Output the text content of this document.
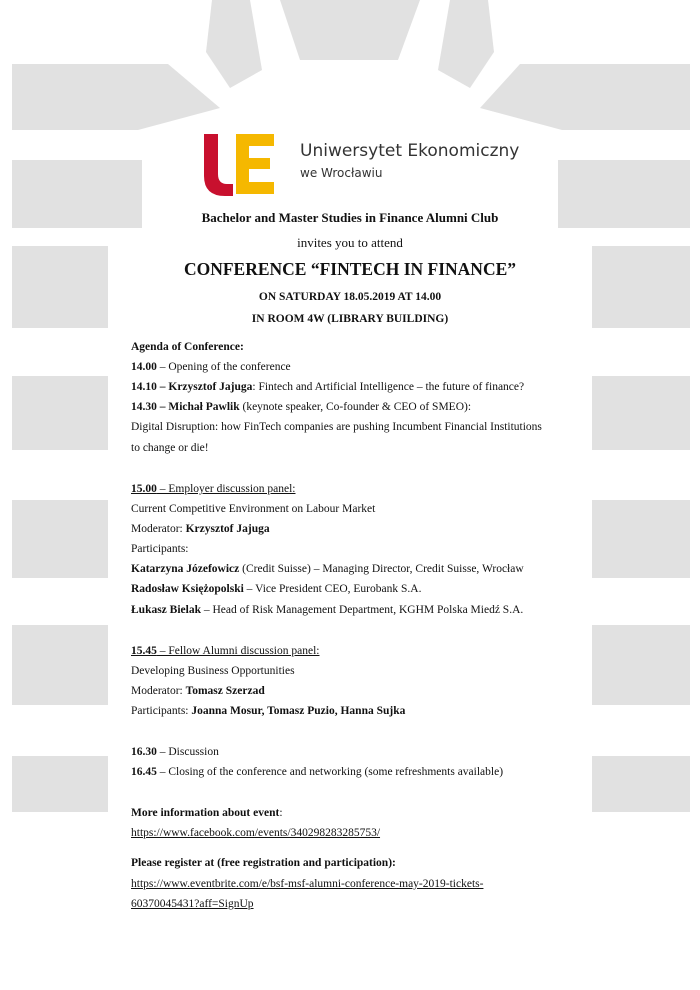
Uniwersytet Ekonomiczny
we Wrocławiu
Bachelor and Master Studies in Finance Alumni Club
invites you to attend
CONFERENCE “FINTECH IN FINANCE”
ON SATURDAY 18.05.2019 AT 14.00
IN ROOM 4W (LIBRARY BUILDING)
Agenda of Conference:
14.00 – Opening of the conference
14.10 – Krzysztof Jajuga: Fintech and Artificial Intelligence – the future of finance?
14.30 – Michał Pawlik (keynote speaker, Co-founder & CEO of SMEO):
Digital Disruption: how FinTech companies are pushing Incumbent Financial Institutions
to change or die!
15.00 – Employer discussion panel:
Current Competitive Environment on Labour Market
Moderator: Krzysztof Jajuga
Participants:
Katarzyna Józefowicz (Credit Suisse) – Managing Director, Credit Suisse, Wrocław
Radosław Księżopolski – Vice President CEO, Eurobank S.A.
Łukasz Bielak – Head of Risk Management Department, KGHM Polska Miedź S.A.
15.45 – Fellow Alumni discussion panel:
Developing Business Opportunities
Moderator: Tomasz Szerzad
Participants: Joanna Mosur, Tomasz Puzio, Hanna Sujka
16.30 – Discussion
16.45 – Closing of the conference and networking (some refreshments available)
More information about event:
https://www.facebook.com/events/340298283285753/
Please register at (free registration and participation):
https://www.eventbrite.com/e/bsf-msf-alumni-conference-may-2019-tickets-
60370045431?aff=SignUp
